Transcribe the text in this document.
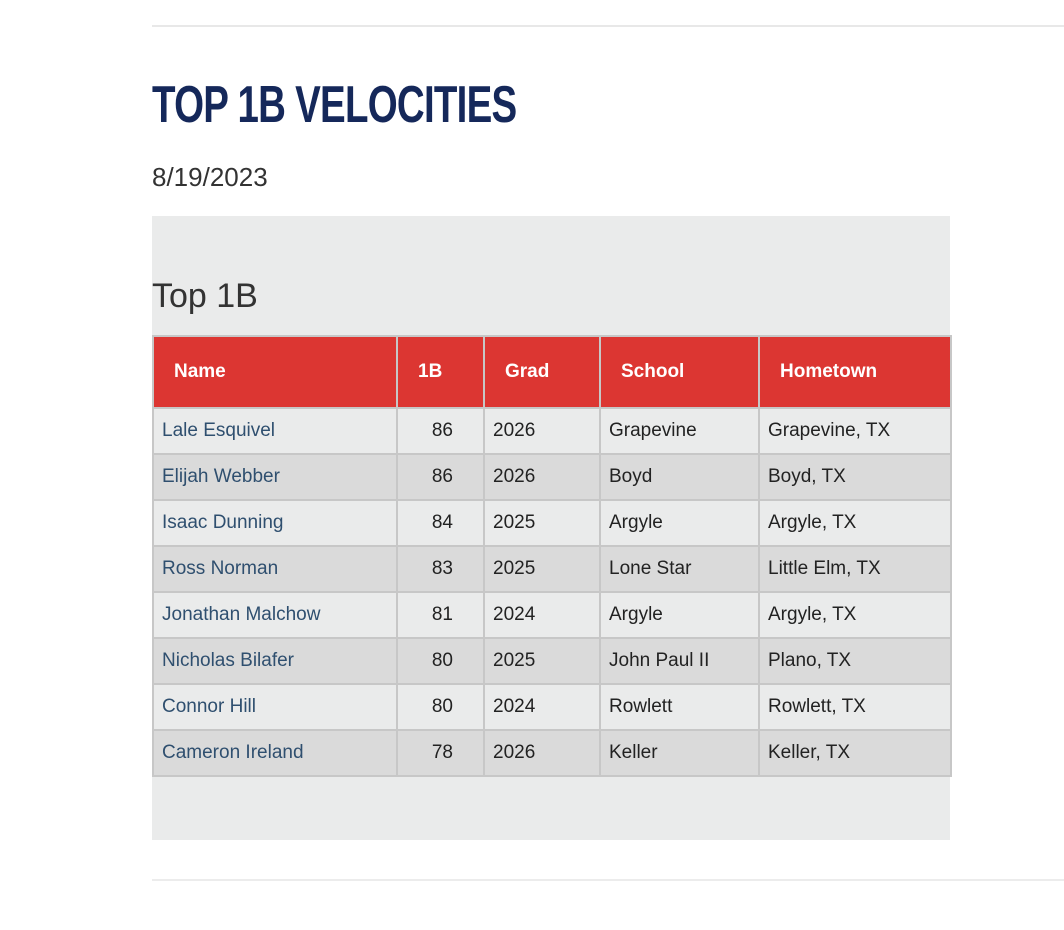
TOP 1B VELOCITIES
8/19/2023
Top 1B
Name	1B	Grad	School	Hometown
Lale Esquivel	86	2026	Grapevine	Grapevine, TX
Elijah Webber	86	2026	Boyd	Boyd, TX
Isaac Dunning	84	2025	Argyle	Argyle, TX
Ross Norman	83	2025	Lone Star	Little Elm, TX
Jonathan Malchow	81	2024	Argyle	Argyle, TX
Nicholas Bilafer	80	2025	John Paul II	Plano, TX
Connor Hill	80	2024	Rowlett	Rowlett, TX
Cameron Ireland	78	2026	Keller	Keller, TX
